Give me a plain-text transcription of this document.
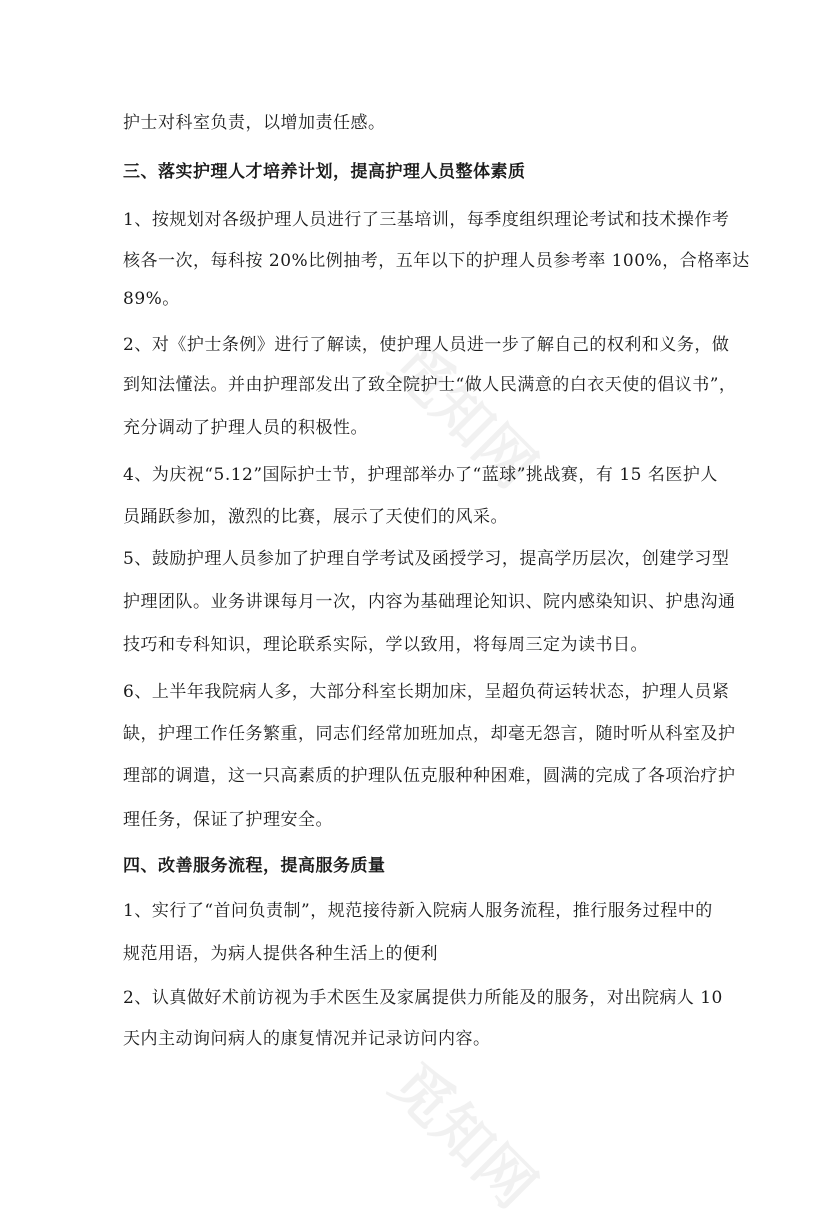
觅知网
觅知网
护士对科室负责，以增加责任感。
三、落实护理人才培养计划，提高护理人员整体素质
1、按规划对各级护理人员进行了三基培训，每季度组织理论考试和技术操作考
核各一次，每科按 20%比例抽考，五年以下的护理人员参考率 100%，合格率达
89%。
2、对《护士条例》进行了解读，使护理人员进一步了解自己的权利和义务，做
到知法懂法。并由护理部发出了致全院护士“做人民满意的白衣天使的倡议书”，
充分调动了护理人员的积极性。
4、为庆祝“5.12”国际护士节，护理部举办了“蓝球”挑战赛，有 15 名医护人
员踊跃参加，激烈的比赛，展示了天使们的风采。
5、鼓励护理人员参加了护理自学考试及函授学习，提高学历层次，创建学习型
护理团队。业务讲课每月一次，内容为基础理论知识、院内感染知识、护患沟通
技巧和专科知识，理论联系实际，学以致用，将每周三定为读书日。
6、上半年我院病人多，大部分科室长期加床，呈超负荷运转状态，护理人员紧
缺，护理工作任务繁重，同志们经常加班加点，却毫无怨言，随时听从科室及护
理部的调遣，这一只高素质的护理队伍克服种种困难，圆满的完成了各项治疗护
理任务，保证了护理安全。
四、改善服务流程，提高服务质量
1、实行了“首问负责制”，规范接待新入院病人服务流程，推行服务过程中的
规范用语，为病人提供各种生活上的便利
2、认真做好术前访视为手术医生及家属提供力所能及的服务，对出院病人 10
天内主动询问病人的康复情况并记录访问内容。
